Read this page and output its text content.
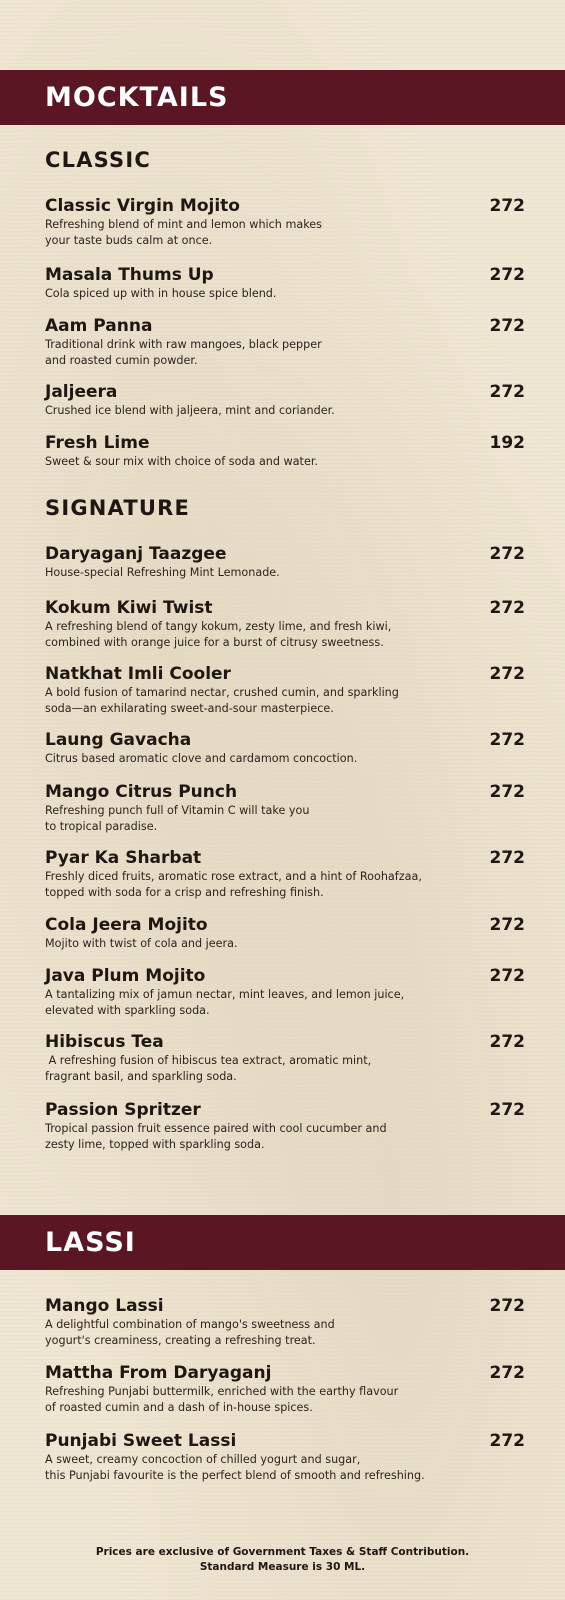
MOCKTAILS
CLASSIC
Classic Virgin Mojito
Refreshing blend of mint and lemon which makes
your taste buds calm at once.
272
Masala Thums Up
Cola spiced up with in house spice blend.
272
Aam Panna
Traditional drink with raw mangoes, black pepper
and roasted cumin powder.
272
Jaljeera
Crushed ice blend with jaljeera, mint and coriander.
272
Fresh Lime
Sweet & sour mix with choice of soda and water.
192
SIGNATURE
Daryaganj Taazgee
House-special Refreshing Mint Lemonade.
272
Kokum Kiwi Twist
A refreshing blend of tangy kokum, zesty lime, and fresh kiwi,
combined with orange juice for a burst of citrusy sweetness.
272
Natkhat Imli Cooler
A bold fusion of tamarind nectar, crushed cumin, and sparkling
soda—an exhilarating sweet-and-sour masterpiece.
272
Laung Gavacha
Citrus based aromatic clove and cardamom concoction.
272
Mango Citrus Punch
Refreshing punch full of Vitamin C will take you
to tropical paradise.
272
Pyar Ka Sharbat
Freshly diced fruits, aromatic rose extract, and a hint of Roohafzaa,
topped with soda for a crisp and refreshing finish.
272
Cola Jeera Mojito
Mojito with twist of cola and jeera.
272
Java Plum Mojito
A tantalizing mix of jamun nectar, mint leaves, and lemon juice,
elevated with sparkling soda.
272
Hibiscus Tea
A refreshing fusion of hibiscus tea extract, aromatic mint,
fragrant basil, and sparkling soda.
272
Passion Spritzer
Tropical passion fruit essence paired with cool cucumber and
zesty lime, topped with sparkling soda.
272
LASSI
Mango Lassi
A delightful combination of mango's sweetness and
yogurt's creaminess, creating a refreshing treat.
272
Mattha From Daryaganj
Refreshing Punjabi buttermilk, enriched with the earthy flavour
of roasted cumin and a dash of in-house spices.
272
Punjabi Sweet Lassi
A sweet, creamy concoction of chilled yogurt and sugar,
this Punjabi favourite is the perfect blend of smooth and refreshing.
272
Prices are exclusive of Government Taxes & Staff Contribution.
Standard Measure is 30 ML.
